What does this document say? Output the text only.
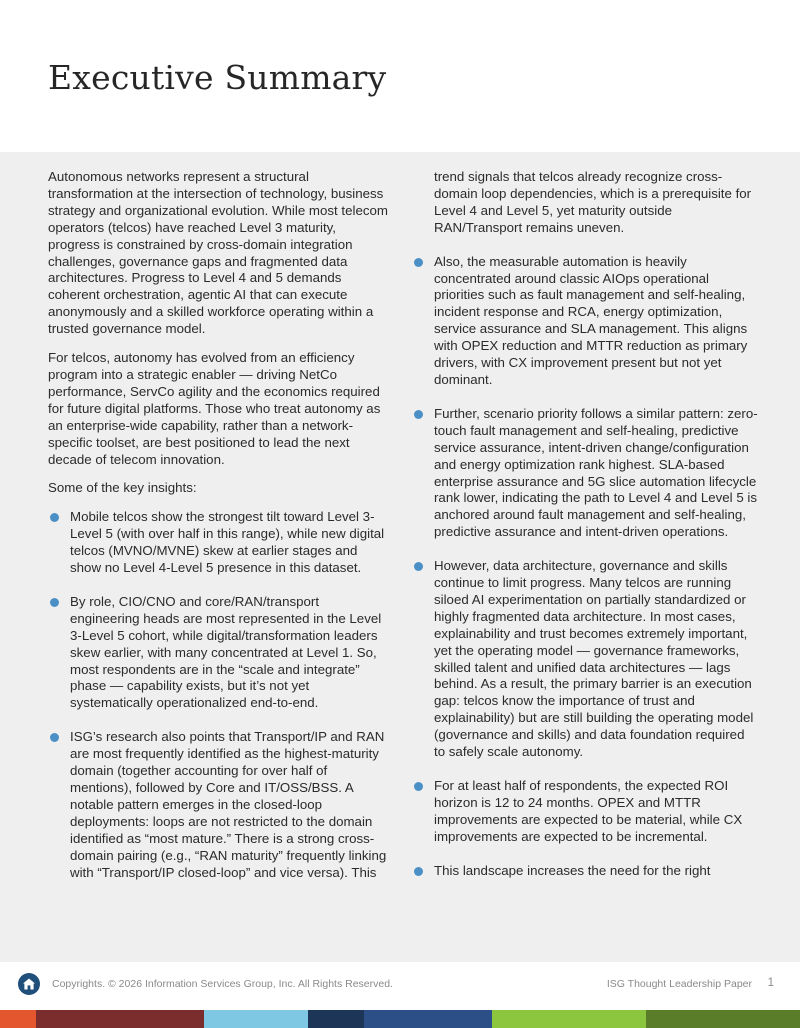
Executive Summary

Autonomous networks represent a structural transformation at the intersection of technology, business strategy and organizational evolution. While most telecom operators (telcos) have reached Level 3 maturity, progress is constrained by cross-domain integration challenges, governance gaps and fragmented data architectures. Progress to Level 4 and 5 demands coherent orchestration, agentic AI that can execute anonymously and a skilled workforce operating within a trusted governance model.

For telcos, autonomy has evolved from an efficiency program into a strategic enabler — driving NetCo performance, ServCo agility and the economics required for future digital platforms. Those who treat autonomy as an enterprise-wide capability, rather than a network-specific toolset, are best positioned to lead the next decade of telecom innovation.

Some of the key insights:

Mobile telcos show the strongest tilt toward Level 3-Level 5 (with over half in this range), while new digital telcos (MVNO/MVNE) skew at earlier stages and show no Level 4-Level 5 presence in this dataset.
By role, CIO/CNO and core/RAN/transport engineering heads are most represented in the Level 3-Level 5 cohort, while digital/transformation leaders skew earlier, with many concentrated at Level 1. So, most respondents are in the “scale and integrate” phase — capability exists, but it’s not yet systematically operationalized end-to-end.
ISG’s research also points that Transport/IP and RAN are most frequently identified as the highest-maturity domain (together accounting for over half of mentions), followed by Core and IT/OSS/BSS. A notable pattern emerges in the closed-loop deployments: loops are not restricted to the domain identified as “most mature.” There is a strong cross-domain pairing (e.g., “RAN maturity” frequently linking with “Transport/IP closed-loop” and vice versa). This
trend signals that telcos already recognize cross-domain loop dependencies, which is a prerequisite for Level 4 and Level 5, yet maturity outside RAN/Transport remains uneven.
Also, the measurable automation is heavily concentrated around classic AIOps operational priorities such as fault management and self-healing, incident response and RCA, energy optimization, service assurance and SLA management. This aligns with OPEX reduction and MTTR reduction as primary drivers, with CX improvement present but not yet dominant.
Further, scenario priority follows a similar pattern: zero-touch fault management and self-healing, predictive service assurance, intent-driven change/configuration and energy optimization rank highest. SLA-based enterprise assurance and 5G slice automation lifecycle rank lower, indicating the path to Level 4 and Level 5 is anchored around fault management and self-healing, predictive assurance and intent-driven operations.
However, data architecture, governance and skills continue to limit progress. Many telcos are running siloed AI experimentation on partially standardized or highly fragmented data architecture. In most cases, explainability and trust becomes extremely important, yet the operating model — governance frameworks, skilled talent and unified data architectures — lags behind. As a result, the primary barrier is an execution gap: telcos know the importance of trust and explainability) but are still building the operating model (governance and skills) and data foundation required to safely scale autonomy.
For at least half of respondents, the expected ROI horizon is 12 to 24 months. OPEX and MTTR improvements are expected to be material, while CX improvements are expected to be incremental.
This landscape increases the need for the right
Copyrights. © 2026 Information Services Group, Inc. All Rights Reserved.	ISG Thought Leadership Paper 1
